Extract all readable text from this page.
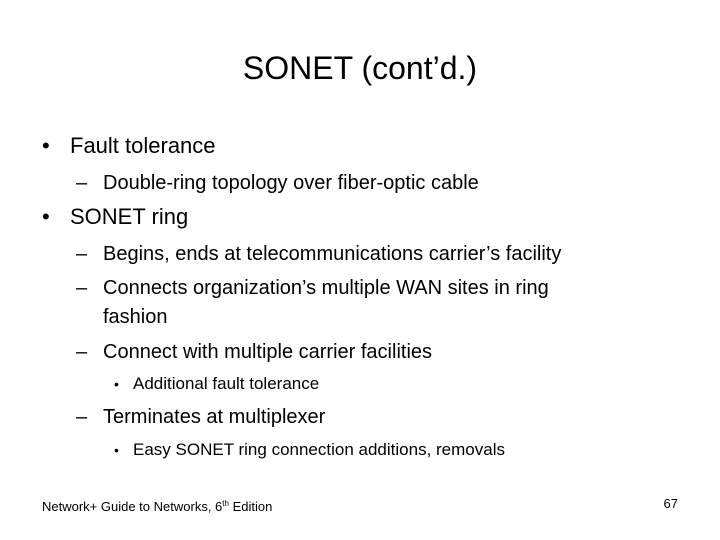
SONET (cont’d.)
• Fault tolerance
– Double-ring topology over fiber-optic cable
• SONET ring
– Begins, ends at telecommunications carrier’s facility
– Connects organization’s multiple WAN sites in ring
fashion
– Connect with multiple carrier facilities
• Additional fault tolerance
– Terminates at multiplexer
• Easy SONET ring connection additions, removals
Network+ Guide to Networks, 6th Edition	67
